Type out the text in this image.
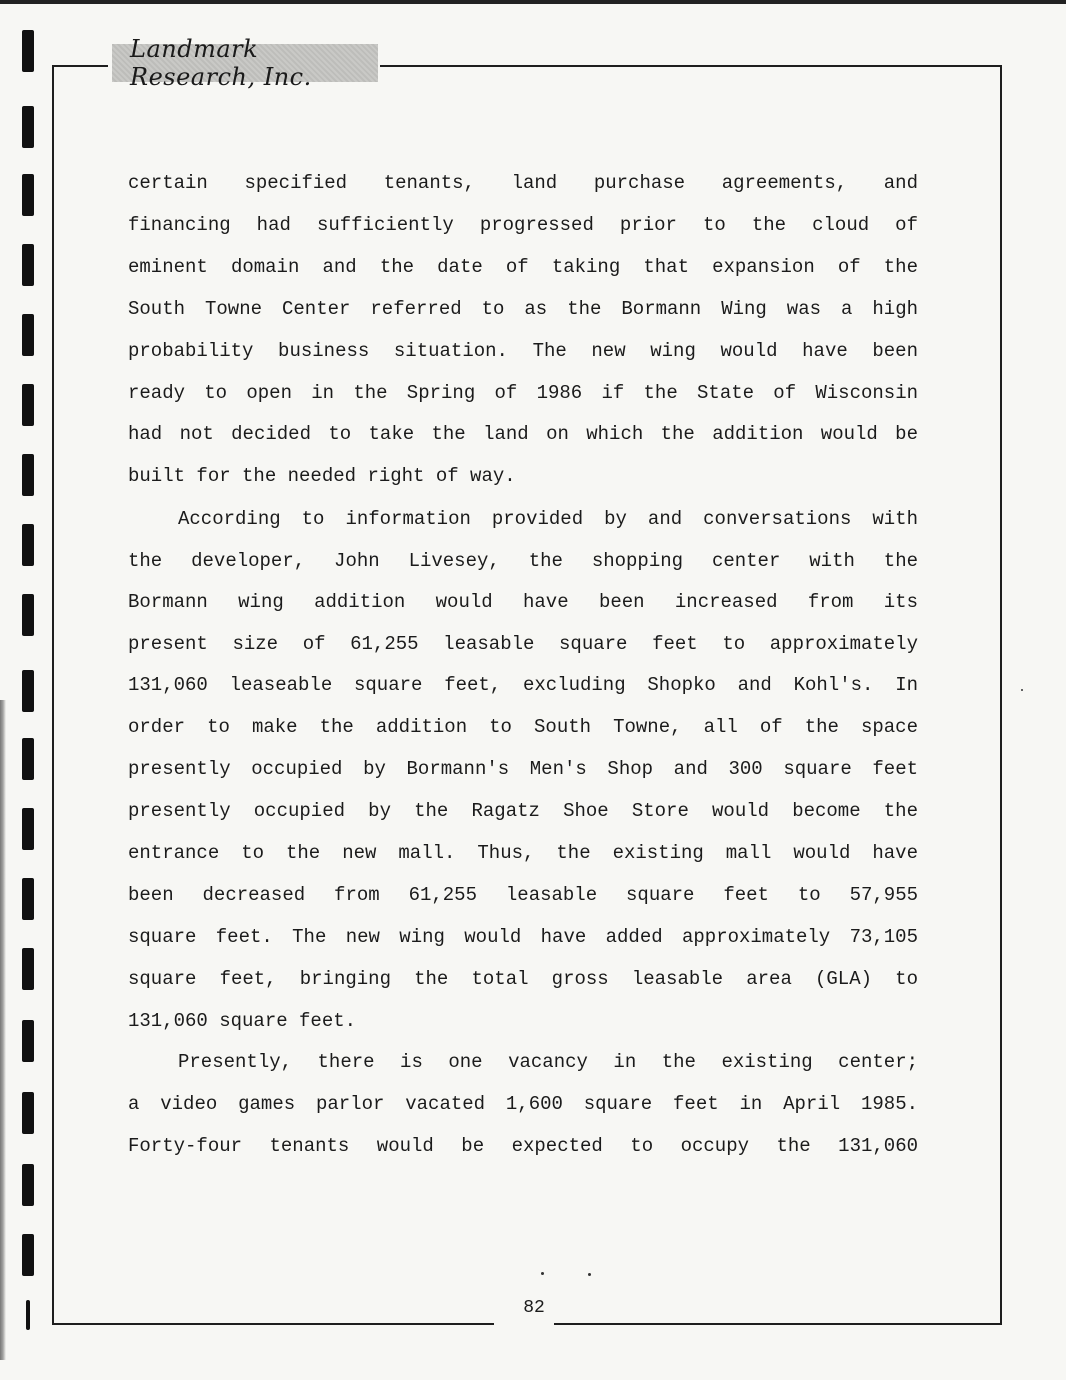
Landmark Research, Inc.
certain specified tenants, land purchase agreements, and
financing had sufficiently progressed prior to the cloud of
eminent domain and the date of taking that expansion of the
South Towne Center referred to as the Bormann Wing was a high
probability business situation. The new wing would have been
ready to open in the Spring of 1986 if the State of Wisconsin
had not decided to take the land on which the addition would be
built for the needed right of way.
According to information provided by and conversations with
the developer, John Livesey, the shopping center with the
Bormann wing addition would have been increased from its
present size of 61,255 leasable square feet to approximately
131,060 leaseable square feet, excluding Shopko and Kohl's. In
order to make the addition to South Towne, all of the space
presently occupied by Bormann's Men's Shop and 300 square feet
presently occupied by the Ragatz Shoe Store would become the
entrance to the new mall. Thus, the existing mall would have
been decreased from 61,255 leasable square feet to 57,955
square feet. The new wing would have added approximately 73,105
square feet, bringing the total gross leasable area (GLA) to
131,060 square feet.
Presently, there is one vacancy in the existing center;
a video games parlor vacated 1,600 square feet in April 1985.
Forty-four tenants would be expected to occupy the 131,060
82
